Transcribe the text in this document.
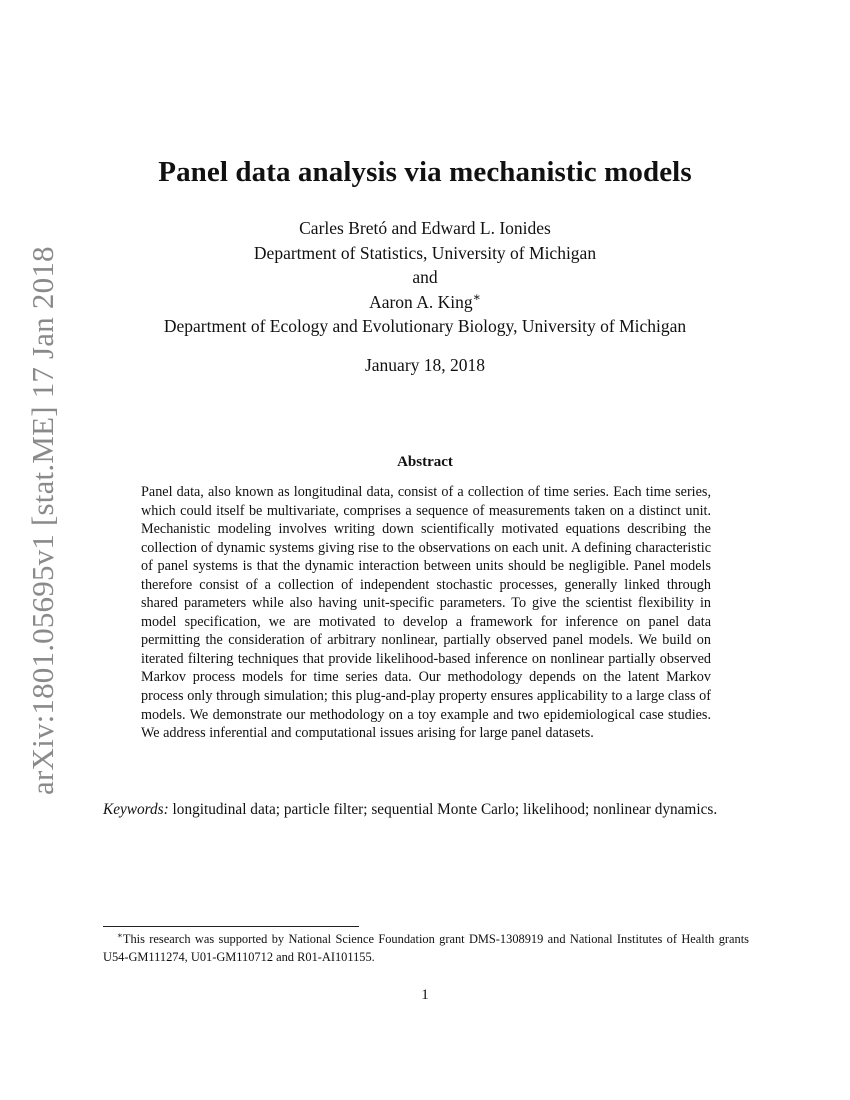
arXiv:1801.05695v1 [stat.ME] 17 Jan 2018
Panel data analysis via mechanistic models
Carles Bretó and Edward L. Ionides
Department of Statistics, University of Michigan
and
Aaron A. King∗
Department of Ecology and Evolutionary Biology, University of Michigan
January 18, 2018
Abstract
Panel data, also known as longitudinal data, consist of a collection of time series. Each time series, which could itself be multivariate, comprises a sequence of measurements taken on a distinct unit. Mechanistic modeling involves writing down scientifically motivated equations describing the collection of dynamic systems giving rise to the observations on each unit. A defining characteristic of panel systems is that the dynamic interaction between units should be negligible. Panel models therefore consist of a collection of independent stochastic processes, generally linked through shared parameters while also having unit-specific parameters. To give the scientist flexibility in model specification, we are motivated to develop a framework for inference on panel data permitting the consideration of arbitrary nonlinear, partially observed panel models. We build on iterated filtering techniques that provide likelihood-based inference on nonlinear partially observed Markov process models for time series data. Our methodology depends on the latent Markov process only through simulation; this plug-and-play property ensures applicability to a large class of models. We demonstrate our methodology on a toy example and two epidemiological case studies. We address inferential and computational issues arising for large panel datasets.
Keywords: longitudinal data; particle filter; sequential Monte Carlo; likelihood; nonlinear dynamics.
∗This research was supported by National Science Foundation grant DMS-1308919 and National Institutes of Health grants U54-GM111274, U01-GM110712 and R01-AI101155.
1
